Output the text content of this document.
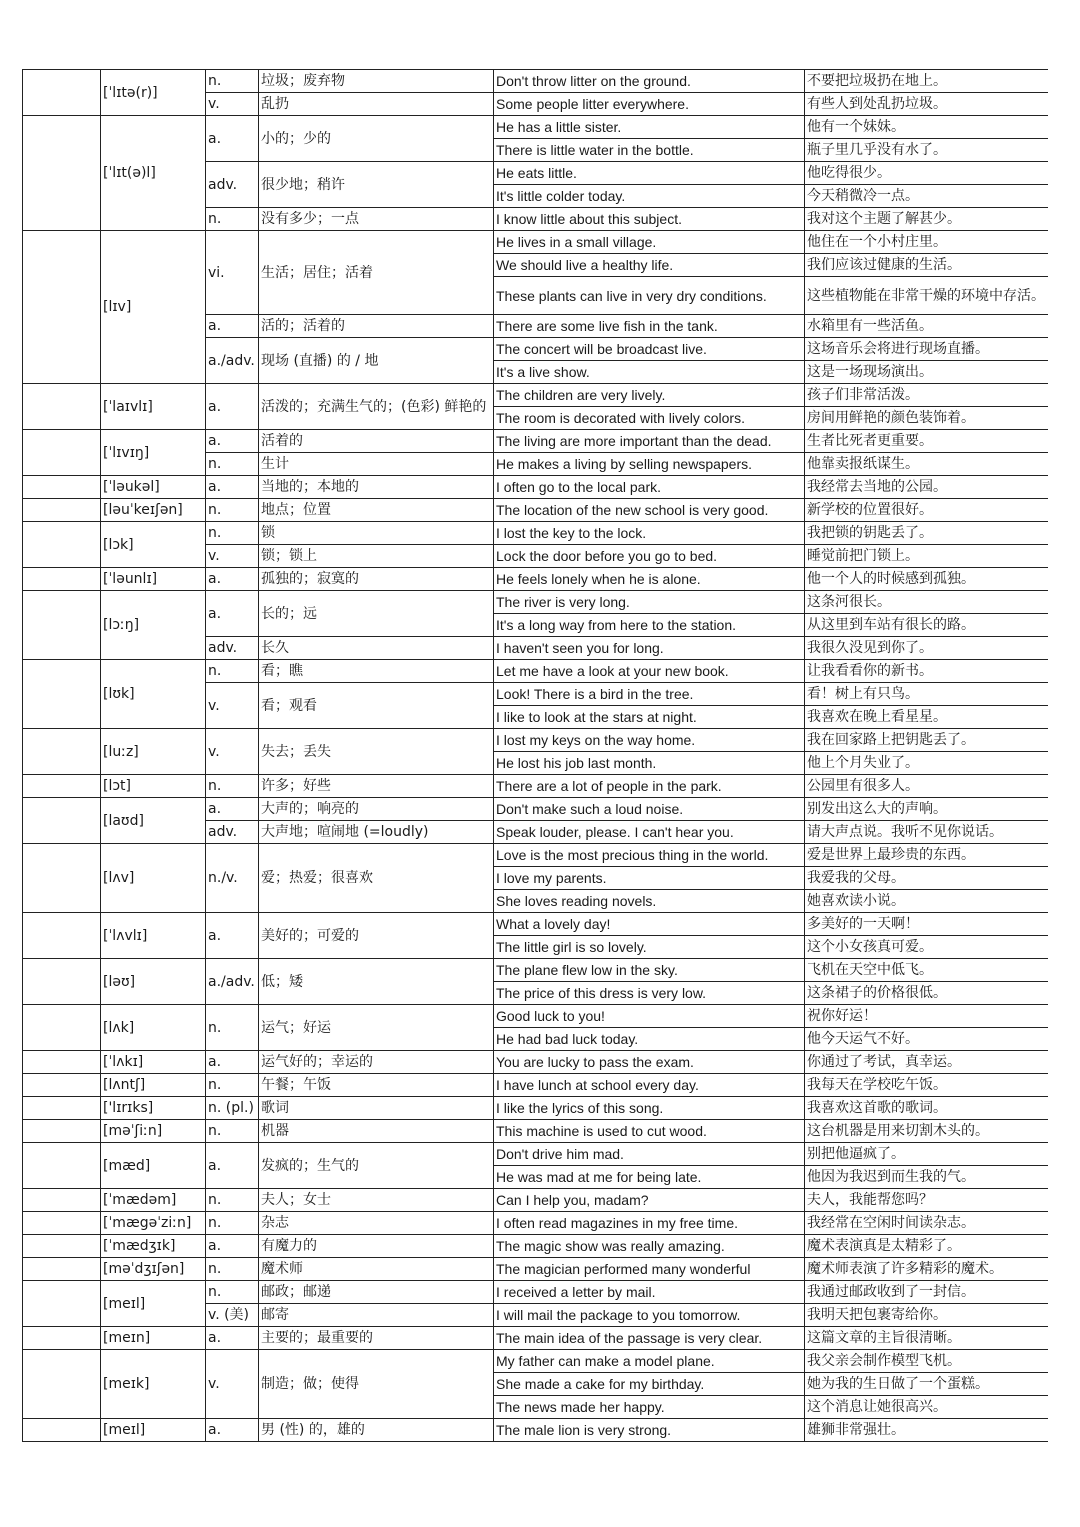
	[ˈlɪtə(r)]	n.	垃圾；废弃物	Don't throw litter on the ground.	不要把垃圾扔在地上。
		v.	乱扔	Some people litter everywhere.	有些人到处乱扔垃圾。
	[ˈlɪt(ə)l]	a.	小的；少的	He has a little sister.	他有一个妹妹。
				There is little water in the bottle.	瓶子里几乎没有水了。
		adv.	很少地；稍许	He eats little.	他吃得很少。
				It's little colder today.	今天稍微冷一点。
		n.	没有多少；一点	I know little about this subject.	我对这个主题了解甚少。
	[lɪv]	vi.	生活；居住；活着	He lives in a small village.	他住在一个小村庄里。
				We should live a healthy life.	我们应该过健康的生活。
				These plants can live in very dry conditions.	这些植物能在非常干燥的环境中存活。
		a.	活的；活着的	There are some live fish in the tank.	水箱里有一些活鱼。
		a./adv.	现场 (直播) 的 / 地	The concert will be broadcast live.	这场音乐会将进行现场直播。
				It's a live show.	这是一场现场演出。
	[ˈlaɪvlɪ]	a.	活泼的；充满生气的；(色彩) 鲜艳的	The children are very lively.	孩子们非常活泼。
				The room is decorated with lively colors.	房间用鲜艳的颜色装饰着。
	[ˈlɪvɪŋ]	a.	活着的	The living are more important than the dead.	生者比死者更重要。
		n.	生计	He makes a living by selling newspapers.	他靠卖报纸谋生。
	[ˈləukəl]	a.	当地的；本地的	I often go to the local park.	我经常去当地的公园。
	[ləuˈkeɪʃən]	n.	地点；位置	The location of the new school is very good.	新学校的位置很好。
	[lɔk]	n.	锁	I lost the key to the lock.	我把锁的钥匙丢了。
		v.	锁；锁上	Lock the door before you go to bed.	睡觉前把门锁上。
	[ˈləunlɪ]	a.	孤独的；寂寞的	He feels lonely when he is alone.	他一个人的时候感到孤独。
	[lɔːŋ]	a.	长的；远	The river is very long.	这条河很长。
				It's a long way from here to the station.	从这里到车站有很长的路。
		adv.	长久	I haven't seen you for long.	我很久没见到你了。
	[lʊk]	n.	看；瞧	Let me have a look at your new book.	让我看看你的新书。
		v.	看；观看	Look! There is a bird in the tree.	看！树上有只鸟。
				I like to look at the stars at night.	我喜欢在晚上看星星。
	[luːz]	v.	失去；丢失	I lost my keys on the way home.	我在回家路上把钥匙丢了。
				He lost his job last month.	他上个月失业了。
	[lɔt]	n.	许多；好些	There are a lot of people in the park.	公园里有很多人。
	[laʊd]	a.	大声的；响亮的	Don't make such a loud noise.	别发出这么大的声响。
		adv.	大声地；喧闹地 (=loudly)	Speak louder, please. I can't hear you.	请大声点说。我听不见你说话。
	[lʌv]	n./v.	爱；热爱；很喜欢	Love is the most precious thing in the world.	爱是世界上最珍贵的东西。
				I love my parents.	我爱我的父母。
				She loves reading novels.	她喜欢读小说。
	[ˈlʌvlɪ]	a.	美好的；可爱的	What a lovely day!	多美好的一天啊！
				The little girl is so lovely.	这个小女孩真可爱。
	[ləʊ]	a./adv.	低；矮	The plane flew low in the sky.	飞机在天空中低飞。
				The price of this dress is very low.	这条裙子的价格很低。
	[lʌk]	n.	运气；好运	Good luck to you!	祝你好运！
				He had bad luck today.	他今天运气不好。
	[ˈlʌkɪ]	a.	运气好的；幸运的	You are lucky to pass the exam.	你通过了考试，真幸运。
	[lʌntʃ]	n.	午餐；午饭	I have lunch at school every day.	我每天在学校吃午饭。
	['lɪrɪks]	n. (pl.)	歌词	I like the lyrics of this song.	我喜欢这首歌的歌词。
	[məˈʃiːn]	n.	机器	This machine is used to cut wood.	这台机器是用来切割木头的。
	[mæd]	a.	发疯的；生气的	Don't drive him mad.	别把他逼疯了。
				He was mad at me for being late.	他因为我迟到而生我的气。
	[ˈmædəm]	n.	夫人；女士	Can I help you, madam?	夫人，我能帮您吗？
	[ˈmægəˈziːn]	n.	杂志	I often read magazines in my free time.	我经常在空闲时间读杂志。
	[ˈmædʒɪk]	a.	有魔力的	The magic show was really amazing.	魔术表演真是太精彩了。
	[məˈdʒɪʃən]	n.	魔术师	The magician performed many wonderful	魔术师表演了许多精彩的魔术。
	[meɪl]	n.	邮政；邮递	I received a letter by mail.	我通过邮政收到了一封信。
		v. (美)	邮寄	I will mail the package to you tomorrow.	我明天把包裹寄给你。
	[meɪn]	a.	主要的；最重要的	The main idea of the passage is very clear.	这篇文章的主旨很清晰。
	[meɪk]	v.	制造；做；使得	My father can make a model plane.	我父亲会制作模型飞机。
				She made a cake for my birthday.	她为我的生日做了一个蛋糕。
				The news made her happy.	这个消息让她很高兴。
	[meɪl]	a.	男 (性) 的，雄的	The male lion is very strong.	雄狮非常强壮。
